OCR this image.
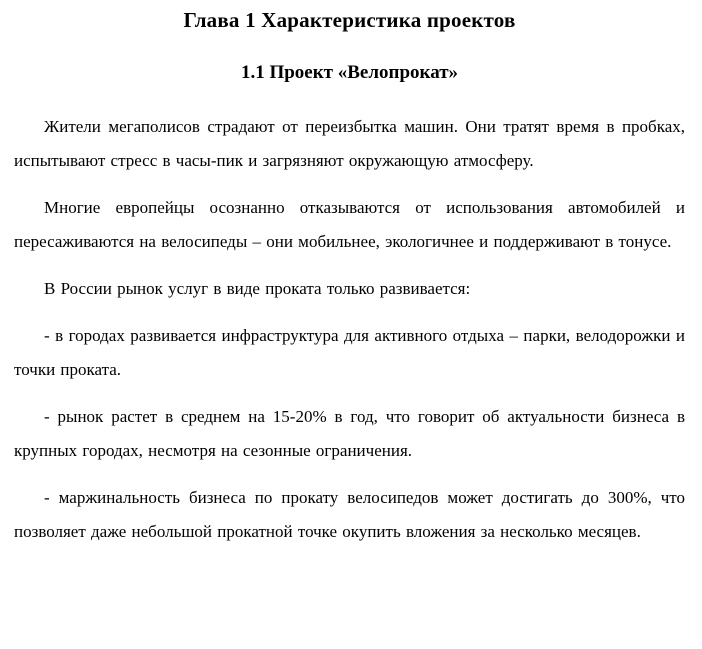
Глава 1 Характеристика проектов
1.1 Проект «Велопрокат»

Жители мегаполисов страдают от переизбытка машин. Они тратят время в пробках, испытывают стресс в часы-пик и загрязняют окружающую атмосферу.

Многие европейцы осознанно отказываются от использования автомобилей и пересаживаются на велосипеды – они мобильнее, экологичнее и поддерживают в тонусе.

В России рынок услуг в виде проката только развивается:

- в городах развивается инфраструктура для активного отдыха – парки, велодорожки и точки проката.

- рынок растет в среднем на 15-20% в год, что говорит об актуальности бизнеса в крупных городах, несмотря на сезонные ограничения.

- маржинальность бизнеса по прокату велосипедов может достигать до 300%, что позволяет даже небольшой прокатной точке окупить вложения за несколько месяцев.
